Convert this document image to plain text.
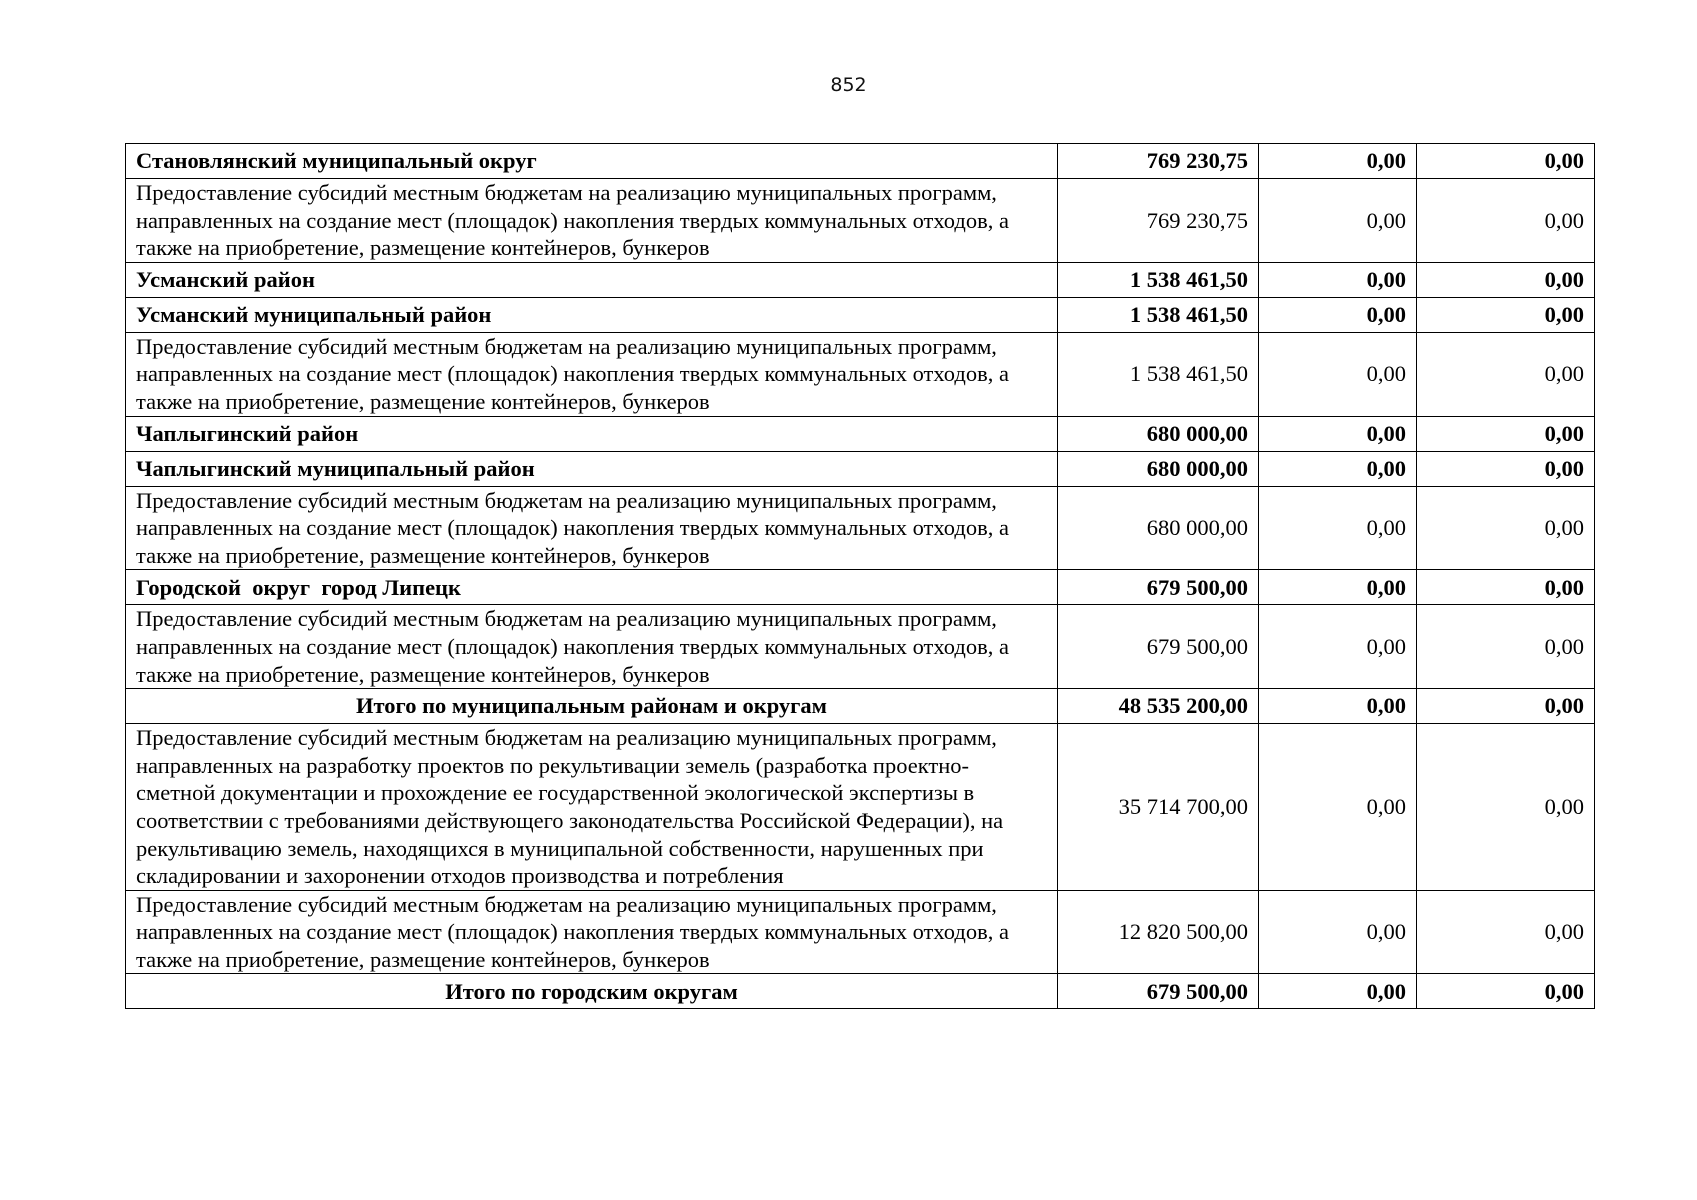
852
Становлянский муниципальный округ	769 230,75	0,00	0,00
Предоставление субсидий местным бюджетам на реализацию муниципальных программ, направленных на создание мест (площадок) накопления твердых коммунальных отходов, а также на приобретение, размещение контейнеров, бункеров	769 230,75	0,00	0,00
Усманский район	1 538 461,50	0,00	0,00
Усманский муниципальный район	1 538 461,50	0,00	0,00
Предоставление субсидий местным бюджетам на реализацию муниципальных программ, направленных на создание мест (площадок) накопления твердых коммунальных отходов, а также на приобретение, размещение контейнеров, бункеров	1 538 461,50	0,00	0,00
Чаплыгинский район	680 000,00	0,00	0,00
Чаплыгинский муниципальный район	680 000,00	0,00	0,00
Предоставление субсидий местным бюджетам на реализацию муниципальных программ, направленных на создание мест (площадок) накопления твердых коммунальных отходов, а также на приобретение, размещение контейнеров, бункеров	680 000,00	0,00	0,00
Городской  округ  город Липецк	679 500,00	0,00	0,00
Предоставление субсидий местным бюджетам на реализацию муниципальных программ, направленных на создание мест (площадок) накопления твердых коммунальных отходов, а также на приобретение, размещение контейнеров, бункеров	679 500,00	0,00	0,00
Итого по муниципальным районам и округам	48 535 200,00	0,00	0,00
Предоставление субсидий местным бюджетам на реализацию муниципальных программ, направленных на разработку проектов по рекультивации земель (разработка проектно-сметной документации и прохождение ее государственной экологической экспертизы в соответствии с требованиями действующего законодательства Российской Федерации), на рекультивацию земель, находящихся в муниципальной собственности, нарушенных при складировании и захоронении отходов производства и потребления	35 714 700,00	0,00	0,00
Предоставление субсидий местным бюджетам на реализацию муниципальных программ, направленных на создание мест (площадок) накопления твердых коммунальных отходов, а также на приобретение, размещение контейнеров, бункеров	12 820 500,00	0,00	0,00
Итого по городским округам	679 500,00	0,00	0,00
